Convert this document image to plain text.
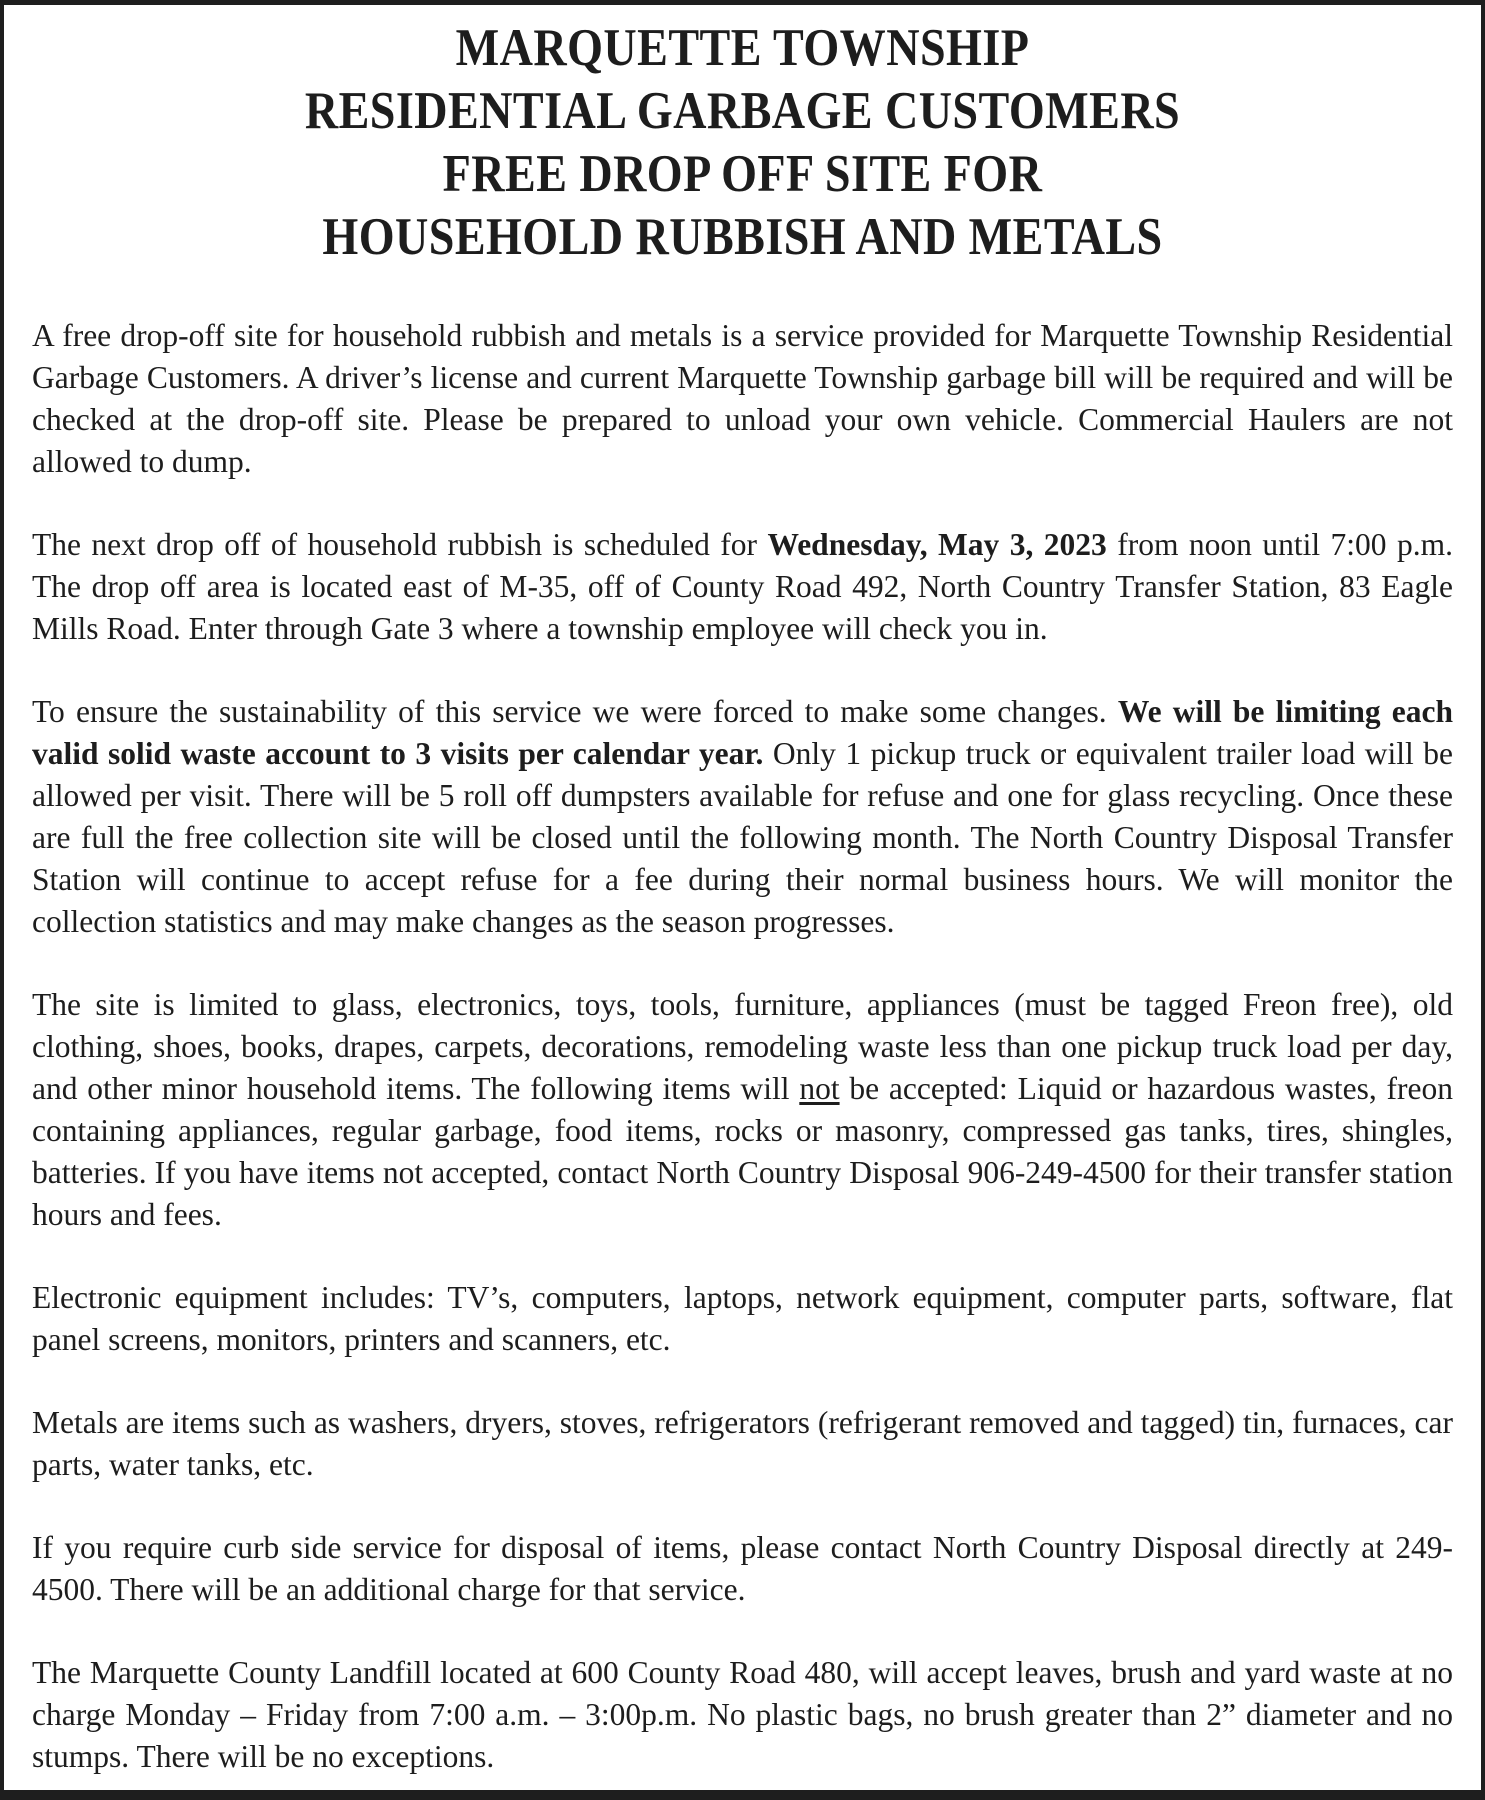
MARQUETTE TOWNSHIP
RESIDENTIAL GARBAGE CUSTOMERS
FREE DROP OFF SITE FOR
HOUSEHOLD RUBBISH AND METALS

A free drop-off site for household rubbish and metals is a service provided for Marquette Township Residential Garbage Customers. A driver’s license and current Marquette Township garbage bill will be required and will be checked at the drop-off site. Please be prepared to unload your own vehicle. Commercial Haulers are not allowed to dump.

The next drop off of household rubbish is scheduled for Wednesday, May 3, 2023 from noon until 7:00 p.m. The drop off area is located east of M-35, off of County Road 492, North Country Transfer Station, 83 Eagle Mills Road. Enter through Gate 3 where a township employee will check you in.

To ensure the sustainability of this service we were forced to make some changes. We will be limiting each valid solid waste account to 3 visits per calendar year. Only 1 pickup truck or equivalent trailer load will be allowed per visit. There will be 5 roll off dumpsters available for refuse and one for glass recycling. Once these are full the free collection site will be closed until the following month. The North Country Disposal Transfer Station will continue to accept refuse for a fee during their normal business hours. We will monitor the collection statistics and may make changes as the season progresses.

The site is limited to glass, electronics, toys, tools, furniture, appliances (must be tagged Freon free), old clothing, shoes, books, drapes, carpets, decorations, remodeling waste less than one pickup truck load per day, and other minor household items. The following items will not be accepted: Liquid or hazardous wastes, freon containing appliances, regular garbage, food items, rocks or masonry, compressed gas tanks, tires, shingles, batteries. If you have items not accepted, contact North Country Disposal 906-249-4500 for their transfer station hours and fees.

Electronic equipment includes: TV’s, computers, laptops, network equipment, computer parts, software, flat panel screens, monitors, printers and scanners, etc.

Metals are items such as washers, dryers, stoves, refrigerators (refrigerant removed and tagged) tin, furnaces, car parts, water tanks, etc.

If you require curb side service for disposal of items, please contact North Country Disposal directly at 249-4500. There will be an additional charge for that service.

The Marquette County Landfill located at 600 County Road 480, will accept leaves, brush and yard waste at no charge Monday – Friday from 7:00 a.m. – 3:00p.m. No plastic bags, no brush greater than 2” diameter and no stumps. There will be no exceptions.
